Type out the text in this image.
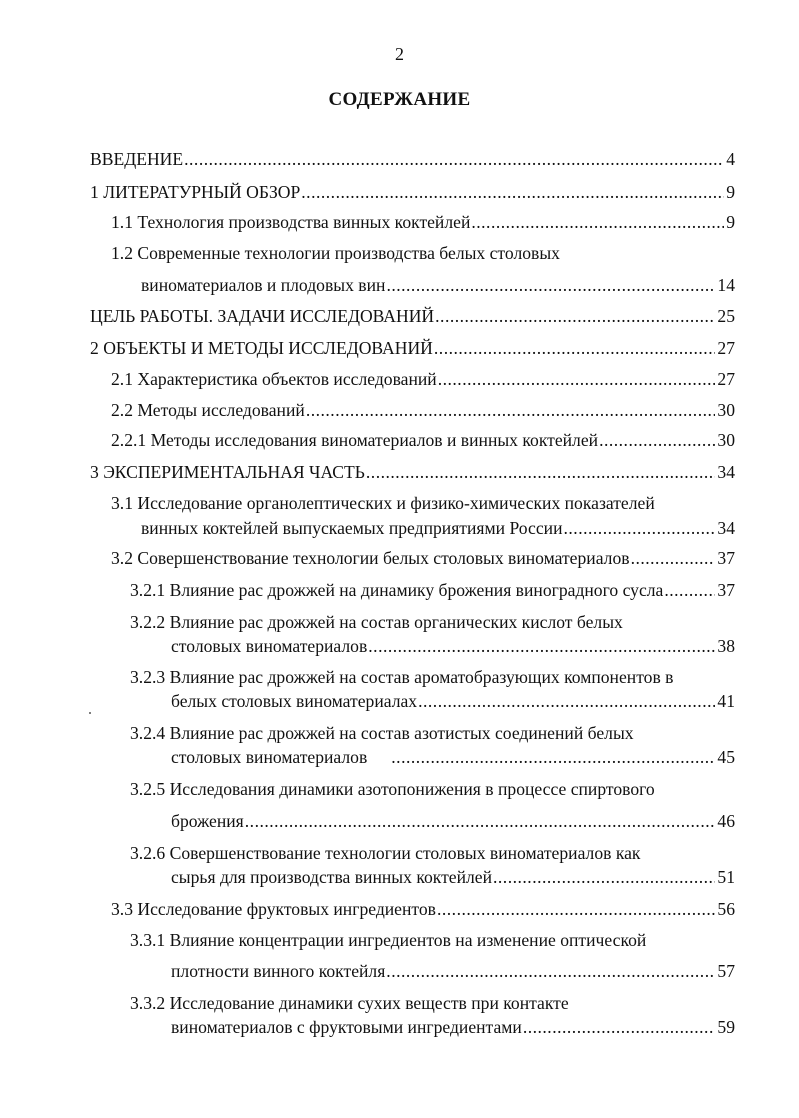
2
СОДЕРЖАНИЕ
ВВЕДЕНИЕ .....	4
1 ЛИТЕРАТУРНЫЙ ОБЗОР .....	9
1.1 Технология производства винных коктейлей .....	9
1.2 Современные технологии производства белых столовых
виноматериалов и плодовых вин .....	14
ЦЕЛЬ РАБОТЫ. ЗАДАЧИ ИССЛЕДОВАНИЙ .....	25
2 ОБЪЕКТЫ И МЕТОДЫ ИССЛЕДОВАНИЙ .....	27
2.1 Характеристика объектов исследований .....	27
2.2 Методы исследований .....	30
2.2.1 Методы исследования виноматериалов и винных коктейлей .....	30
3 ЭКСПЕРИМЕНТАЛЬНАЯ ЧАСТЬ .....	34
3.1 Исследование органолептических и физико-химических показателей
винных коктейлей выпускаемых предприятиями России .....	34
3.2 Совершенствование технологии белых столовых виноматериалов .....	37
3.2.1 Влияние рас дрожжей на динамику брожения виноградного сусла .....	37
3.2.2 Влияние рас дрожжей на состав органических кислот белых
столовых виноматериалов .....	38
3.2.3 Влияние рас дрожжей на состав ароматобразующих компонентов в
белых столовых виноматериалах .....	41
3.2.4 Влияние рас дрожжей на состав азотистых соединений белых
столовых виноматериалов .....	45
3.2.5 Исследования динамики азотопонижения в процессе спиртового
брожения .....	46
3.2.6 Совершенствование технологии столовых виноматериалов как
сырья для производства винных коктейлей .....	51
3.3 Исследование фруктовых ингредиентов .....	56
3.3.1 Влияние концентрации ингредиентов на изменение оптической
плотности винного коктейля .....	57
3.3.2 Исследование динамики сухих веществ при контакте
виноматериалов с фруктовыми ингредиентами .....	59
